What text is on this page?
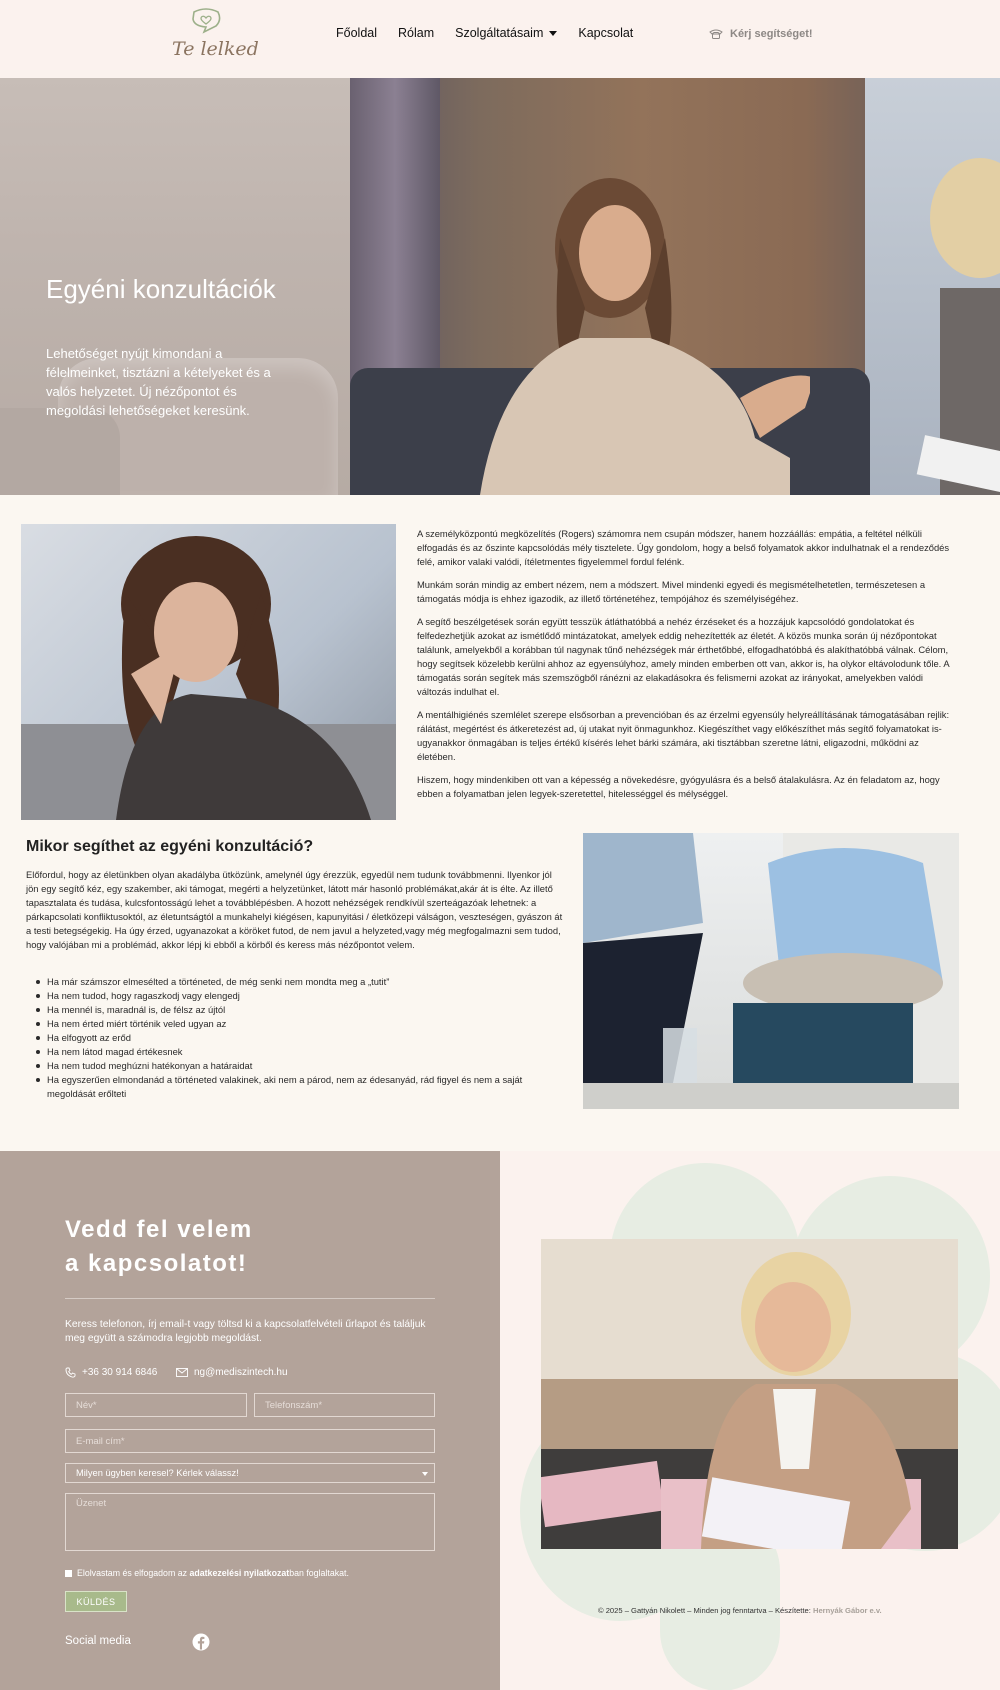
Te lelked
Főoldal Rólam Szolgáltatásaim	Kapcsolat	Kérj segítséget!
Egyéni konzultációk

Lehetőséget nyújt kimondani a félelmeinket, tisztázni a kételyeket és a valós helyzetet. Új nézőpontot és megoldási lehetőségeket keresünk.

A személyközpontú megközelítés (Rogers) számomra nem csupán módszer, hanem hozzáállás: empátia, a feltétel nélküli elfogadás és az őszinte kapcsolódás mély tisztelete. Úgy gondolom, hogy a belső folyamatok akkor indulhatnak el a rendeződés felé, amikor valaki valódi, ítéletmentes figyelemmel fordul felénk.

Munkám során mindig az embert nézem, nem a módszert. Mivel mindenki egyedi és megismételhetetlen, természetesen a támogatás módja is ehhez igazodik, az illető történetéhez, tempójához és személyiségéhez.

A segítő beszélgetések során együtt tesszük átláthatóbbá a nehéz érzéseket és a hozzájuk kapcsolódó gondolatokat és felfedezhetjük azokat az ismétlődő mintázatokat, amelyek eddig nehezítették az életét. A közös munka során új nézőpontokat találunk, amelyekből a korábban túl nagynak tűnő nehézségek már érthetőbbé, elfogadhatóbbá és alakíthatóbbá válnak. Célom, hogy segítsek közelebb kerülni ahhoz az egyensúlyhoz, amely minden emberben ott van, akkor is, ha olykor eltávolodunk tőle. A támogatás során segítek más szemszögből ránézni az elakadásokra és felismerni azokat az irányokat, amelyekben valódi változás indulhat el.

A mentálhigiénés szemlélet szerepe elsősorban a prevencióban és az érzelmi egyensúly helyreállításának támogatásában rejlik: rálátást, megértést és átkeretezést ad, új utakat nyit önmagunkhoz. Kiegészíthet vagy előkészíthet más segítő folyamatokat is- ugyanakkor önmagában is teljes értékű kísérés lehet bárki számára, aki tisztábban szeretne látni, eligazodni, működni az életében.

Hiszem, hogy mindenkiben ott van a képesség a növekedésre, gyógyulásra és a belső átalakulásra. Az én feladatom az, hogy ebben a folyamatban jelen legyek-szeretettel, hitelességgel és mélységgel.

Mikor segíthet az egyéni konzultáció?

Előfordul, hogy az életünkben olyan akadályba ütközünk, amelynél úgy érezzük, egyedül nem tudunk továbbmenni. Ilyenkor jól jön egy segítő kéz, egy szakember, aki támogat, megérti a helyzetünket, látott már hasonló problémákat,akár át is élte. Az illető tapasztalata és tudása, kulcsfontosságú lehet a továbblépésben. A hozott nehézségek rendkívül szerteágazóak lehetnek: a párkapcsolati konfliktusoktól, az életuntságtól a munkahelyi kiégésen, kapunyitási / életközepi válságon, veszteségen, gyászon át a testi betegségekig. Ha úgy érzed, ugyanazokat a köröket futod, de nem javul a helyzeted,vagy még megfogalmazni sem tudod, hogy valójában mi a problémád, akkor lépj ki ebből a körből és keress más nézőpontot velem.

Ha már számszor elmesélted a történeted, de még senki nem mondta meg a „tutit”
Ha nem tudod, hogy ragaszkodj vagy elengedj
Ha mennél is, maradnál is, de félsz az újtól
Ha nem érted miért történik veled ugyan az
Ha elfogyott az erőd
Ha nem látod magad értékesnek
Ha nem tudod meghúzni hatékonyan a határaidat
Ha egyszerűen elmondanád a történeted valakinek, aki nem a párod, nem az édesanyád, rád figyel és nem a saját megoldását erőlteti
Vedd fel velem
a kapcsolatot!

Keress telefonon, írj email-t vagy töltsd ki a kapcsolatfelvételi űrlapot és találjuk meg együtt a számodra legjobb megoldást.

+36 30 914 6846	ng@mediszintech.hu
Név*
Telefonszám*
E-mail cím*
Milyen ügyben keresel? Kérlek válassz!
Üzenet
Elolvastam és elfogadom az adatkezelési nyilatkozatban foglaltakat.
KÜLDÉS
Social media
© 2025 – Gattyán Nikolett – Minden jog fenntartva – Készítette: Hernyák Gábor e.v.
